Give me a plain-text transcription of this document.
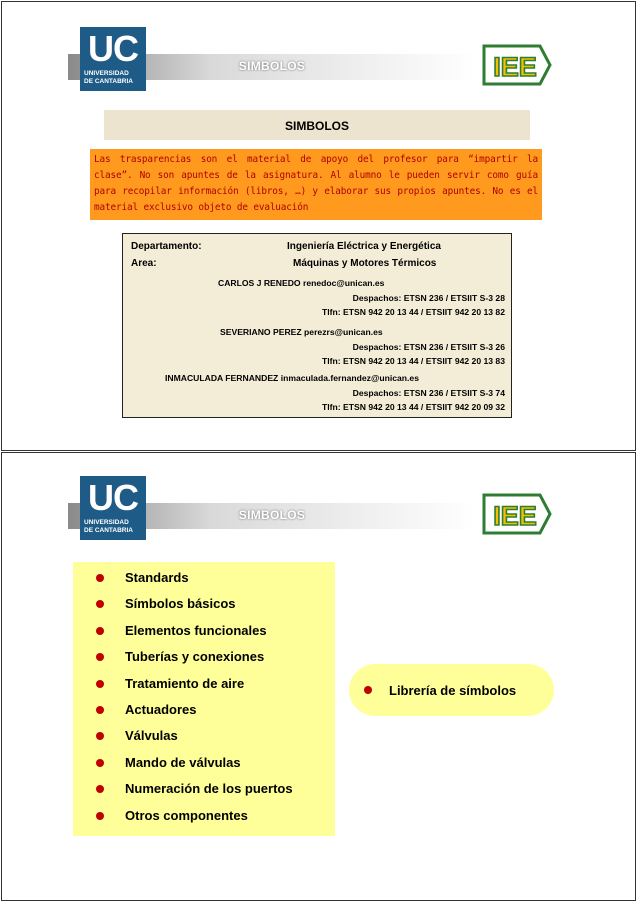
SIMBOLOS
UC
UNIVERSIDAD
DE CANTABRIA	IEE
SIMBOLOS

Las trasparencias son el material de apoyo del profesor para “impartir la clase”. No son apuntes de la asignatura. Al alumno le pueden servir como guía para recopilar información (libros, …) y elaborar sus propios apuntes. No es el material exclusivo objeto de evaluación

Departamento:	Ingeniería Eléctrica y Energética
Area:	Máquinas y Motores Térmicos
CARLOS J RENEDO renedoc@unican.es
Despachos: ETSN 236 / ETSIIT S-3 28
Tlfn: ETSN 942 20 13 44 / ETSIIT 942 20 13 82
SEVERIANO PEREZ perezrs@unican.es
Despachos: ETSN 236 / ETSIIT S-3 26
Tlfn: ETSN 942 20 13 44 / ETSIIT 942 20 13 83
INMACULADA FERNANDEZ inmaculada.fernandez@unican.es
Despachos: ETSN 236 / ETSIIT S-3 74
Tlfn: ETSN 942 20 13 44 / ETSIIT 942 20 09 32
SIMBOLOS
UC
UNIVERSIDAD
DE CANTABRIA	IEE
Standards
Símbolos básicos
Elementos funcionales
Tuberías y conexiones
Tratamiento de aire
Actuadores
Válvulas
Mando de válvulas
Numeración de los puertos
Otros componentes
Librería de símbolos
